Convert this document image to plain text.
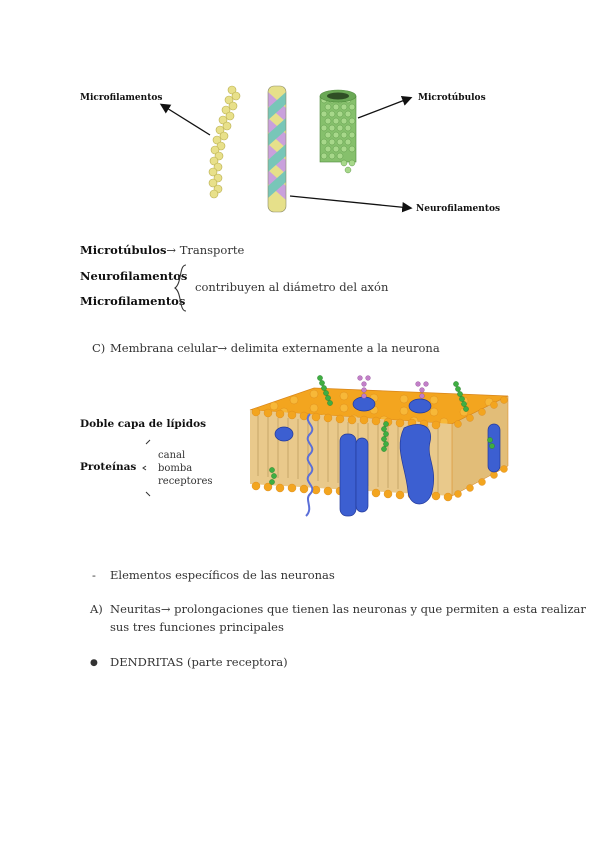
Microfilamentos	Microtúbulos
Neurofilamentos
Microtúbulos→ Transporte
Neurofilamentos
Microfilamentos
contribuyen al diámetro del axón
C) Membrana celular→ delimita externamente a la neurona
Doble capa de lípidos
Proteínas
canal
bomba
receptores
- Elementos específicos de las neuronas
A) Neuritas→ prolongaciones que tienen las neuronas y que permiten a esta realizar
sus tres funciones principales
● DENDRITAS (parte receptora)
